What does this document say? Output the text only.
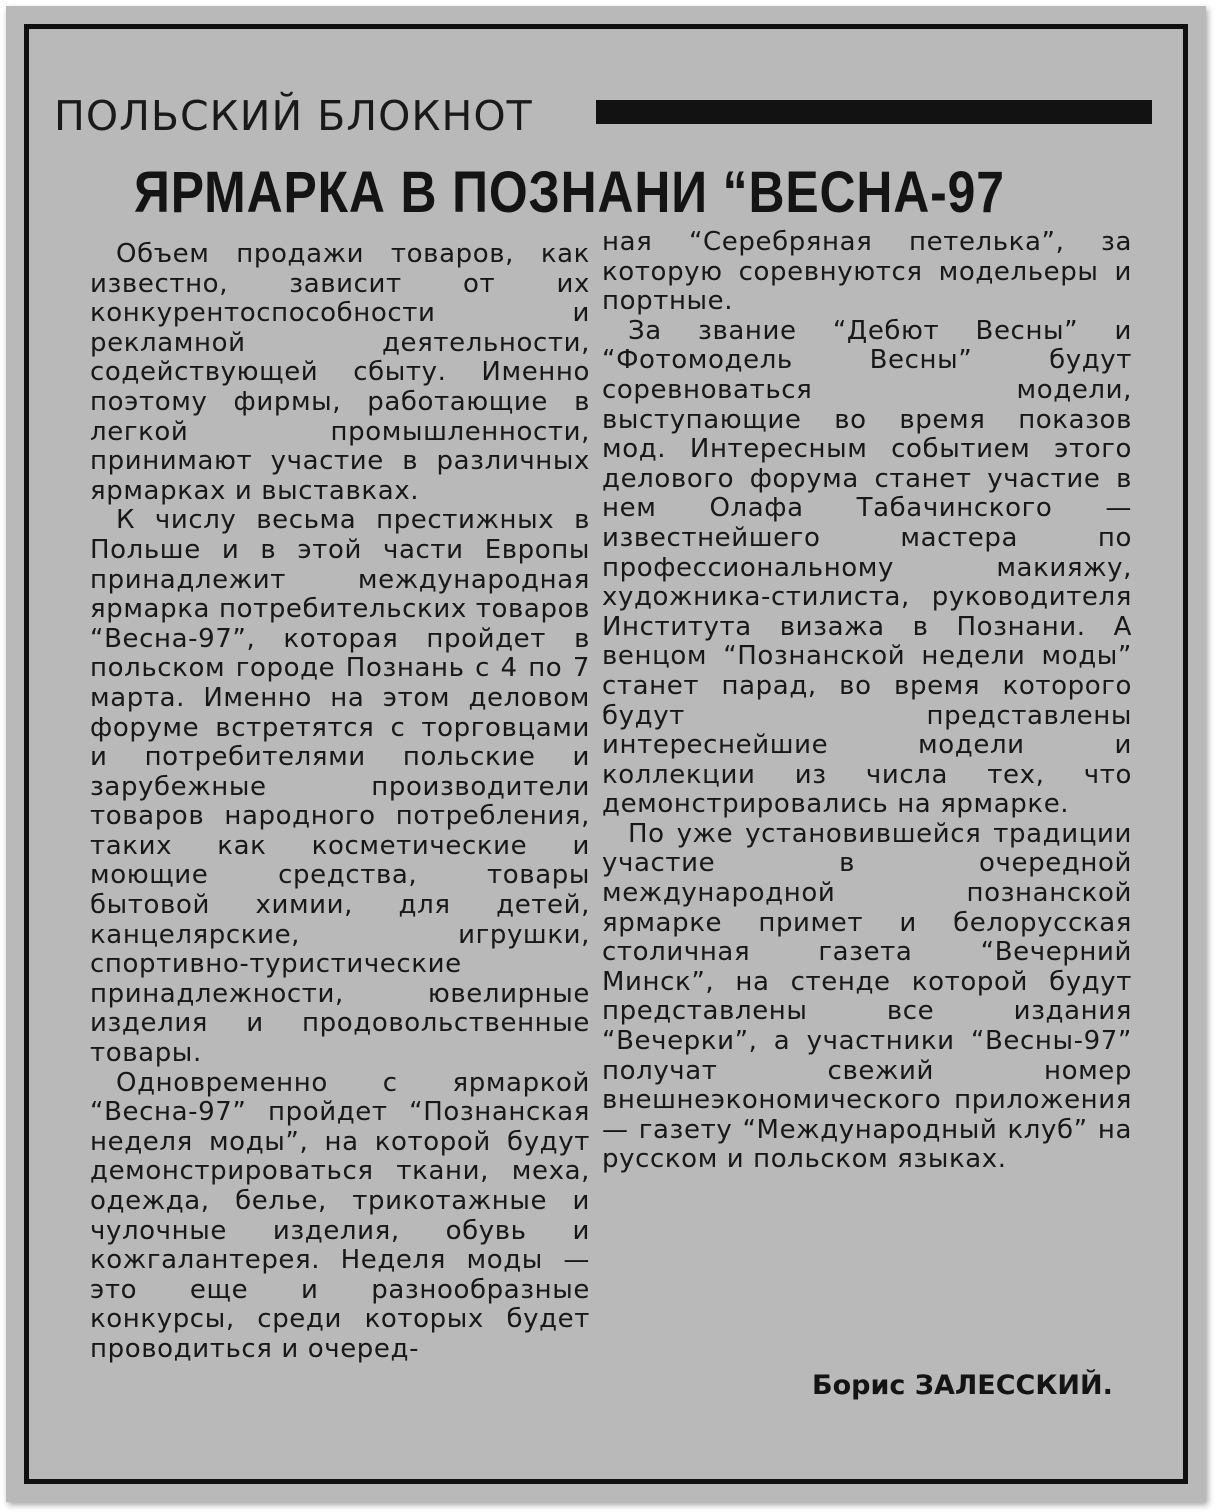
ПОЛЬСКИЙ БЛОКНОТ
ЯРМАРКА В ПОЗНАНИ “ВЕСНА-97

Объем продажи товаров, как известно, зависит от их конкурентоспособности и рекламной деятельности, содействующей сбыту. Именно поэтому фирмы, работающие в легкой промышленности, принимают участие в различных ярмарках и выставках.

К числу весьма престижных в Польше и в этой части Европы принадлежит международная ярмарка потребительских товаров “Весна-97”, которая пройдет в польском городе Познань с 4 по 7 марта. Именно на этом деловом форуме встретятся с торговцами и потребителями польские и зарубежные производители товаров народного потребления, таких как косметические и моющие средства, товары бытовой химии, для детей, канцелярские, игрушки, спортивно-туристические принадлежности, ювелирные изделия и продовольственные товары.

Одновременно с ярмаркой “Весна-97” пройдет “Познанская неделя моды”, на которой будут демонстрироваться ткани, меха, одежда, белье, трикотажные и чулочные изделия, обувь и кожгалантерея. Неделя моды — это еще и разнообразные конкурсы, среди которых будет проводиться и очеред-

ная “Серебряная петелька”, за которую соревнуются модельеры и портные.

За звание “Дебют Весны” и “Фотомодель Весны” будут соревноваться модели, выступающие во время показов мод. Интересным событием этого делового форума станет участие в нем Олафа Табачинского — известнейшего мастера по профессиональному макияжу, художника-стилиста, руководителя Института визажа в Познани. А венцом “Познанской недели моды” станет парад, во время которого будут представлены интереснейшие модели и коллекции из числа тех, что демонстрировались на ярмарке.

По уже установившейся традиции участие в очередной международной познанской ярмарке примет и белорусская столичная газета “Вечерний Минск”, на стенде которой будут представлены все издания “Вечерки”, а участники “Весны-97” получат свежий номер внешнеэкономического приложения — газету “Международный клуб” на русском и польском языках.

Борис ЗАЛЕССКИЙ.
